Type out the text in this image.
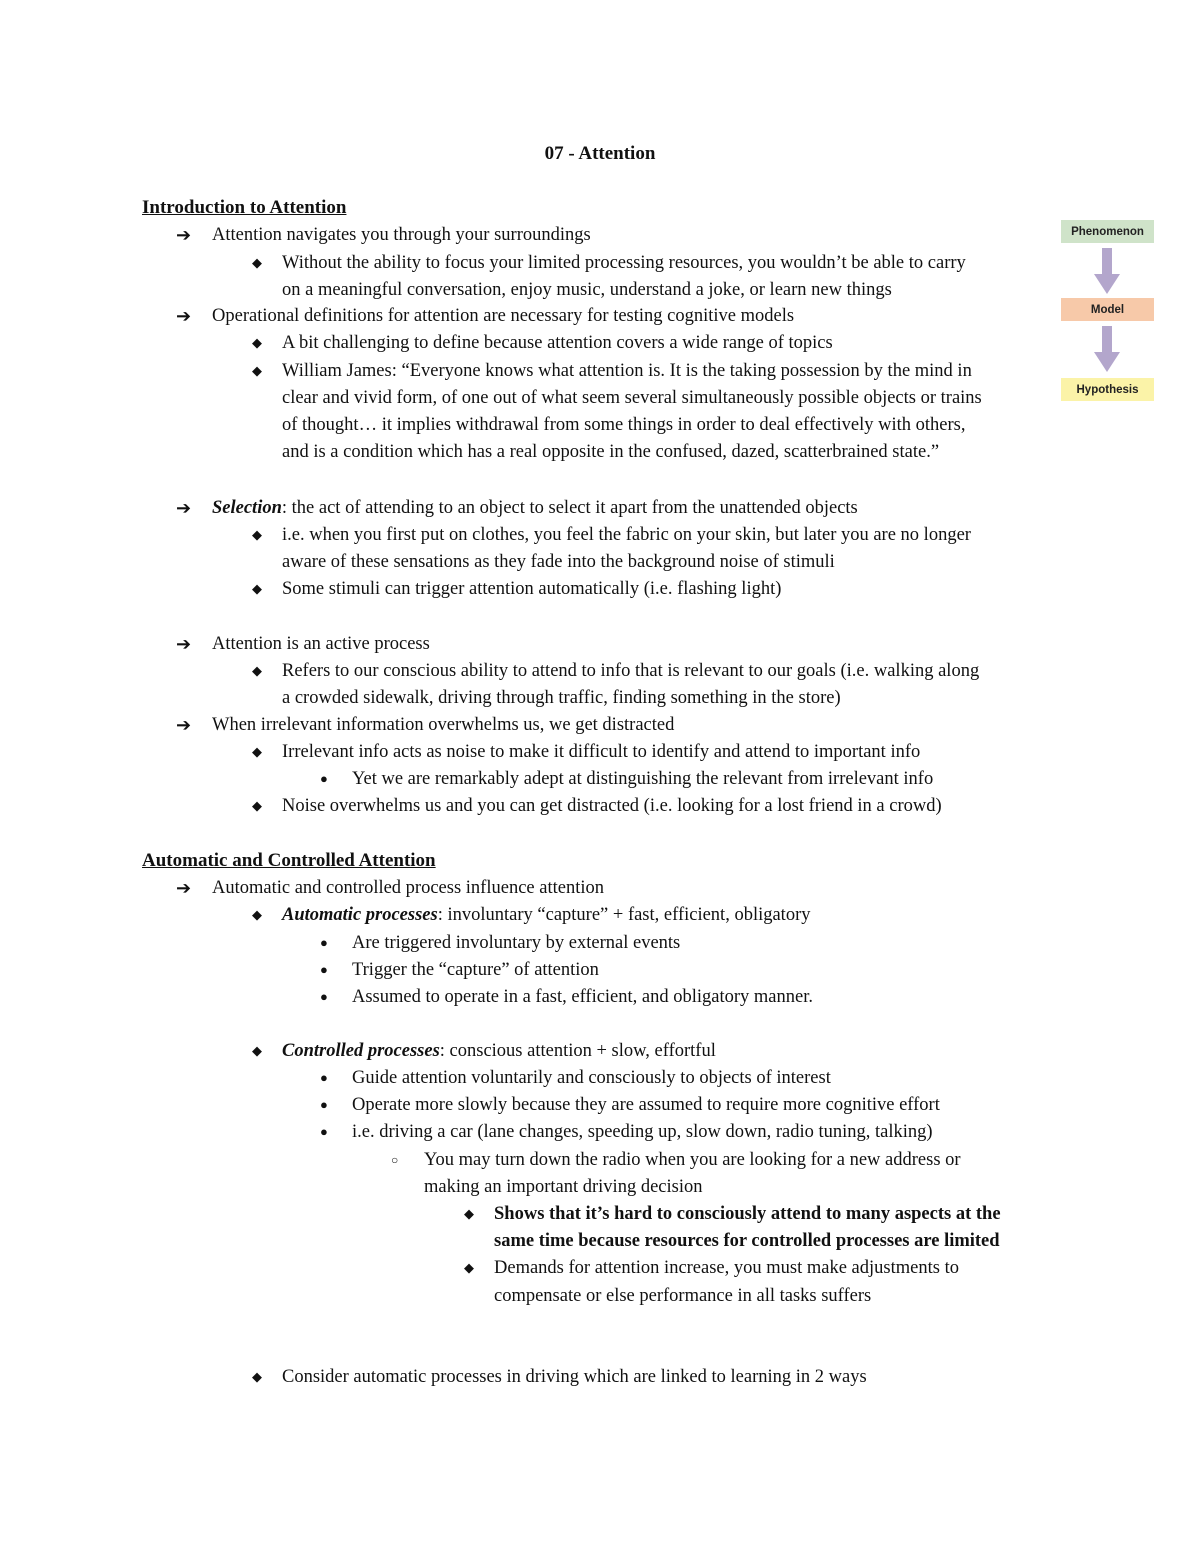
07 - Attention
Introduction to Attention
➔ Attention navigates you through your surroundings
◆ Without the ability to focus your limited processing resources, you wouldn’t be able to carry
on a meaningful conversation, enjoy music, understand a joke, or learn new things
➔ Operational definitions for attention are necessary for testing cognitive models
◆ A bit challenging to define because attention covers a wide range of topics
◆ William James: “Everyone knows what attention is. It is the taking possession by the mind in
clear and vivid form, of one out of what seem several simultaneously possible objects or trains
of thought… it implies withdrawal from some things in order to deal effectively with others,
and is a condition which has a real opposite in the confused, dazed, scatterbrained state.”
➔ Selection: the act of attending to an object to select it apart from the unattended objects
◆ i.e. when you first put on clothes, you feel the fabric on your skin, but later you are no longer
aware of these sensations as they fade into the background noise of stimuli
◆ Some stimuli can trigger attention automatically (i.e. flashing light)
➔ Attention is an active process
◆ Refers to our conscious ability to attend to info that is relevant to our goals (i.e. walking along
a crowded sidewalk, driving through traffic, finding something in the store)
➔ When irrelevant information overwhelms us, we get distracted
◆ Irrelevant info acts as noise to make it difficult to identify and attend to important info
● Yet we are remarkably adept at distinguishing the relevant from irrelevant info
◆ Noise overwhelms us and you can get distracted (i.e. looking for a lost friend in a crowd)
Automatic and Controlled Attention
➔ Automatic and controlled process influence attention
◆ Automatic processes: involuntary “capture” + fast, efficient, obligatory
● Are triggered involuntary by external events
● Trigger the “capture” of attention
● Assumed to operate in a fast, efficient, and obligatory manner.
◆ Controlled processes: conscious attention + slow, effortful
● Guide attention voluntarily and consciously to objects of interest
● Operate more slowly because they are assumed to require more cognitive effort
● i.e. driving a car (lane changes, speeding up, slow down, radio tuning, talking)
○ You may turn down the radio when you are looking for a new address or
making an important driving decision
◆ Shows that it’s hard to consciously attend to many aspects at the
same time because resources for controlled processes are limited
◆ Demands for attention increase, you must make adjustments to
compensate or else performance in all tasks suffers
◆ Consider automatic processes in driving which are linked to learning in 2 ways
Phenomenon
Model
Hypothesis
